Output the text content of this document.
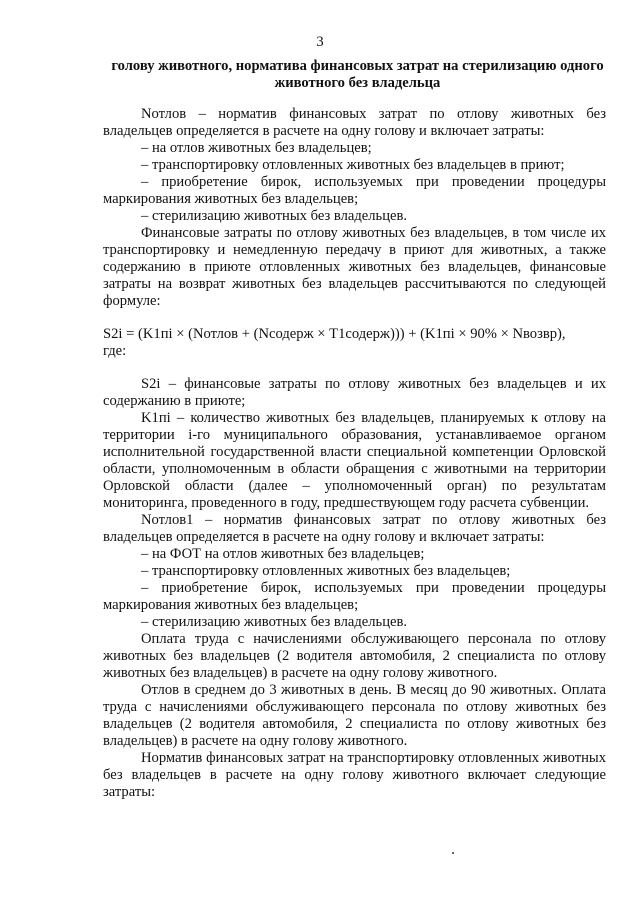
3
голову животного, норматива финансовых затрат на стерилизацию одного животного без владельца

Nотлов – норматив финансовых затрат по отлову животных без владельцев определяется в расчете на одну голову и включает затраты:

– на отлов животных без владельцев;

– транспортировку отловленных животных без владельцев в приют;

– приобретение бирок, используемых при проведении процедуры маркирования животных без владельцев;

– стерилизацию животных без владельцев.

Финансовые затраты по отлову животных без владельцев, в том числе их транспортировку и немедленную передачу в приют для животных, а также содержанию в приюте отловленных животных без владельцев, финансовые затраты на возврат животных без владельцев рассчитываются по следующей формуле:

S2i = (K1пi × (Nотлов + (Nсодерж × T1содерж))) + (K1пi × 90% × Nвозвр),

где:

S2i – финансовые затраты по отлову животных без владельцев и их содержанию в приюте;

K1пi – количество животных без владельцев, планируемых к отлову на территории i-го муниципального образования, устанавливаемое органом исполнительной государственной власти специальной компетенции Орловской области, уполномоченным в области обращения с животными на территории Орловской области (далее – уполномоченный орган) по результатам мониторинга, проведенного в году, предшествующем году расчета субвенции.

Nотлов1 – норматив финансовых затрат по отлову животных без владельцев определяется в расчете на одну голову и включает затраты:

– на ФОТ на отлов животных без владельцев;

– транспортировку отловленных животных без владельцев;

– приобретение бирок, используемых при проведении процедуры маркирования животных без владельцев;

– стерилизацию животных без владельцев.

Оплата труда с начислениями обслуживающего персонала по отлову животных без владельцев (2 водителя автомобиля, 2 специалиста по отлову животных без владельцев) в расчете на одну голову животного.

Отлов в среднем до 3 животных в день. В месяц до 90 животных. Оплата труда с начислениями обслуживающего персонала по отлову животных без владельцев (2 водителя автомобиля, 2 специалиста по отлову животных без владельцев) в расчете на одну голову животного.

Норматив финансовых затрат на транспортировку отловленных животных без владельцев в расчете на одну голову животного включает следующие затраты:
